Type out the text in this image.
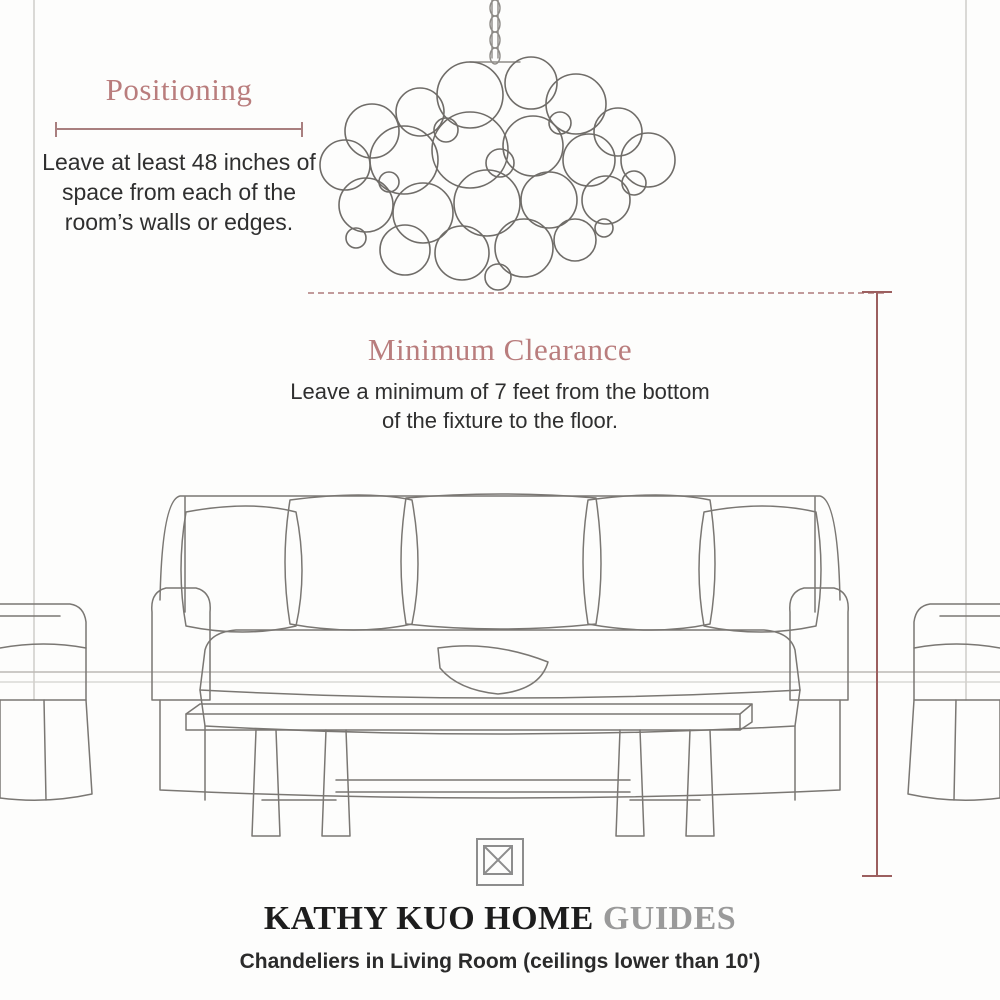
Positioning
Leave at least 48 inches of space from each of the room’s walls or edges.
Minimum Clearance
Leave a minimum of 7 feet from the bottom of the fixture to the floor.
KATHY KUO HOME GUIDES
Chandeliers in Living Room (ceilings lower than 10')
